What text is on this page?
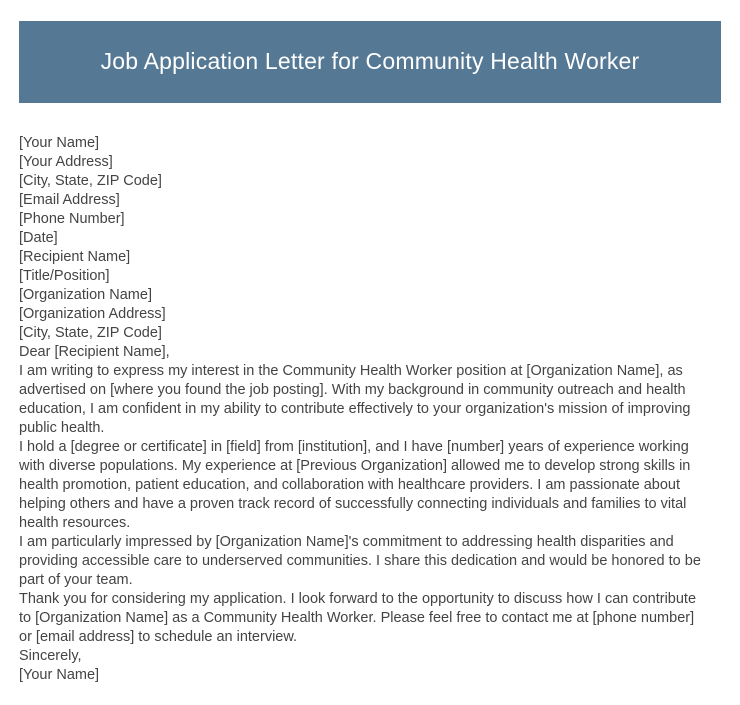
Job Application Letter for Community Health Worker
[Your Name]
[Your Address]
[City, State, ZIP Code]
[Email Address]
[Phone Number]
[Date]
[Recipient Name]
[Title/Position]
[Organization Name]
[Organization Address]
[City, State, ZIP Code]
Dear [Recipient Name],

I am writing to express my interest in the Community Health Worker position at [Organization Name], as advertised on [where you found the job posting]. With my background in community outreach and health education, I am confident in my ability to contribute effectively to your organization's mission of improving public health.

I hold a [degree or certificate] in [field] from [institution], and I have [number] years of experience working with diverse populations. My experience at [Previous Organization] allowed me to develop strong skills in health promotion, patient education, and collaboration with healthcare providers. I am passionate about helping others and have a proven track record of successfully connecting individuals and families to vital health resources.

I am particularly impressed by [Organization Name]'s commitment to addressing health disparities and providing accessible care to underserved communities. I share this dedication and would be honored to be part of your team.

Thank you for considering my application. I look forward to the opportunity to discuss how I can contribute to [Organization Name] as a Community Health Worker. Please feel free to contact me at [phone number] or [email address] to schedule an interview.

Sincerely,
[Your Name]
